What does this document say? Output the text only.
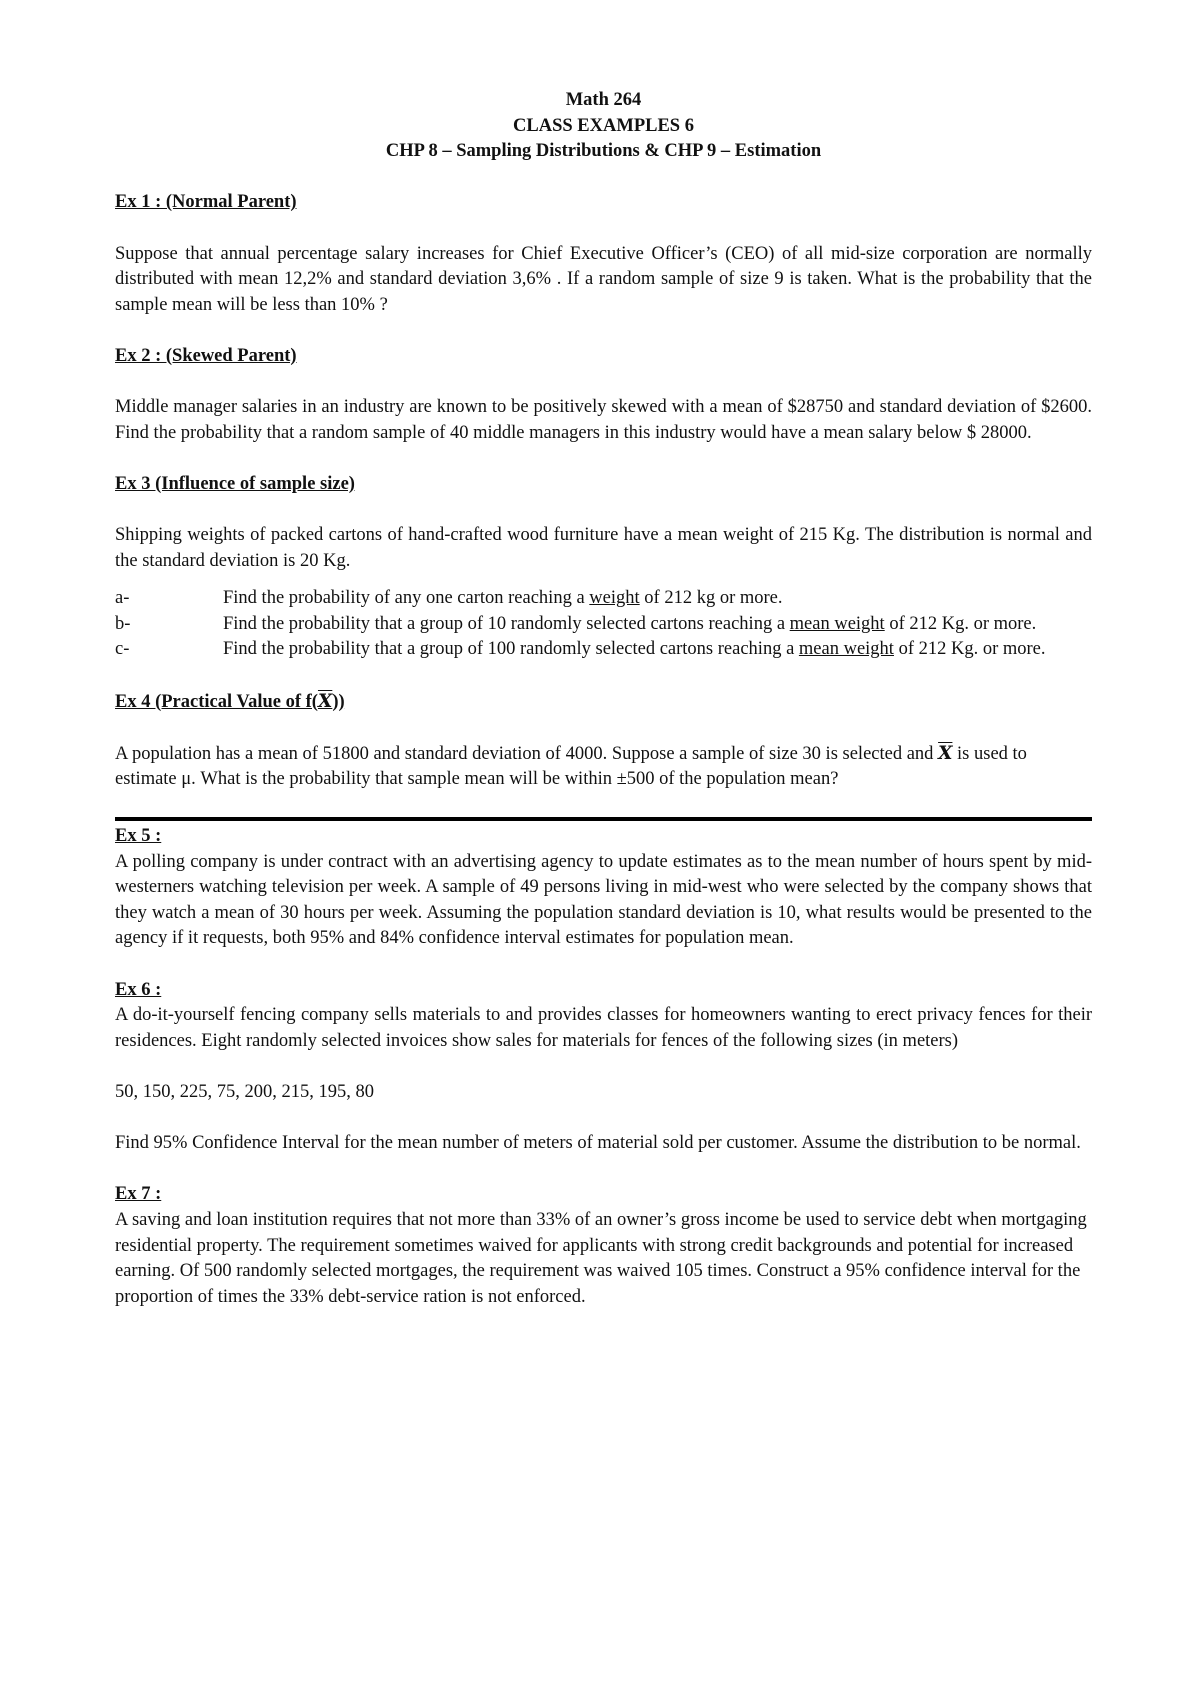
Math 264
CLASS EXAMPLES 6
CHP 8 – Sampling Distributions & CHP 9 – Estimation

Ex 1 : (Normal Parent)

Suppose that annual percentage salary increases for Chief Executive Officer’s (CEO) of all mid-size corporation are normally distributed with mean 12,2% and standard deviation 3,6% . If a random sample of size 9 is taken. What is the probability that the sample mean will be less than 10% ?

Ex 2 : (Skewed Parent)

Middle manager salaries in an industry are known to be positively skewed with a mean of $28750 and standard deviation of $2600. Find the probability that a random sample of 40 middle managers in this industry would have a mean salary below $ 28000.

Ex 3 (Influence of sample size)

Shipping weights of packed cartons of hand-crafted wood furniture have a mean weight of 215 Kg. The distribution is normal and the standard deviation is 20 Kg.

a-	Find the probability of any one carton reaching a weight of 212 kg or more.
b-	Find the probability that a group of 10 randomly selected cartons reaching a mean weight of 212 Kg. or more.
c-	Find the probability that a group of 100 randomly selected cartons reaching a mean weight of 212 Kg. or more.

Ex 4 (Practical Value of f(X))

A population has a mean of 51800 and standard deviation of 4000. Suppose a sample of size 30 is selected and $\overline{X}$ is used to estimate μ. What is the probability that sample mean will be within ±500 of the population mean?

Ex 5 :

A polling company is under contract with an advertising agency to update estimates as to the mean number of hours spent by mid-westerners watching television per week. A sample of 49 persons living in mid-west who were selected by the company shows that they watch a mean of 30 hours per week. Assuming the population standard deviation is 10, what results would be presented to the agency if it requests, both 95% and 84% confidence interval estimates for population mean.

Ex 6 :

A do-it-yourself fencing company sells materials to and provides classes for homeowners wanting to erect privacy fences for their residences. Eight randomly selected invoices show sales for materials for fences of the following sizes (in meters)

50, 150, 225, 75, 200, 215, 195, 80

Find 95% Confidence Interval for the mean number of meters of material sold per customer. Assume the distribution to be normal.

Ex 7 :

A saving and loan institution requires that not more than 33% of an owner’s gross income be used to service debt when mortgaging residential property. The requirement sometimes waived for applicants with strong credit backgrounds and potential for increased earning. Of 500 randomly selected mortgages, the requirement was waived 105 times. Construct a 95% confidence interval for the proportion of times the 33% debt-service ration is not enforced.
